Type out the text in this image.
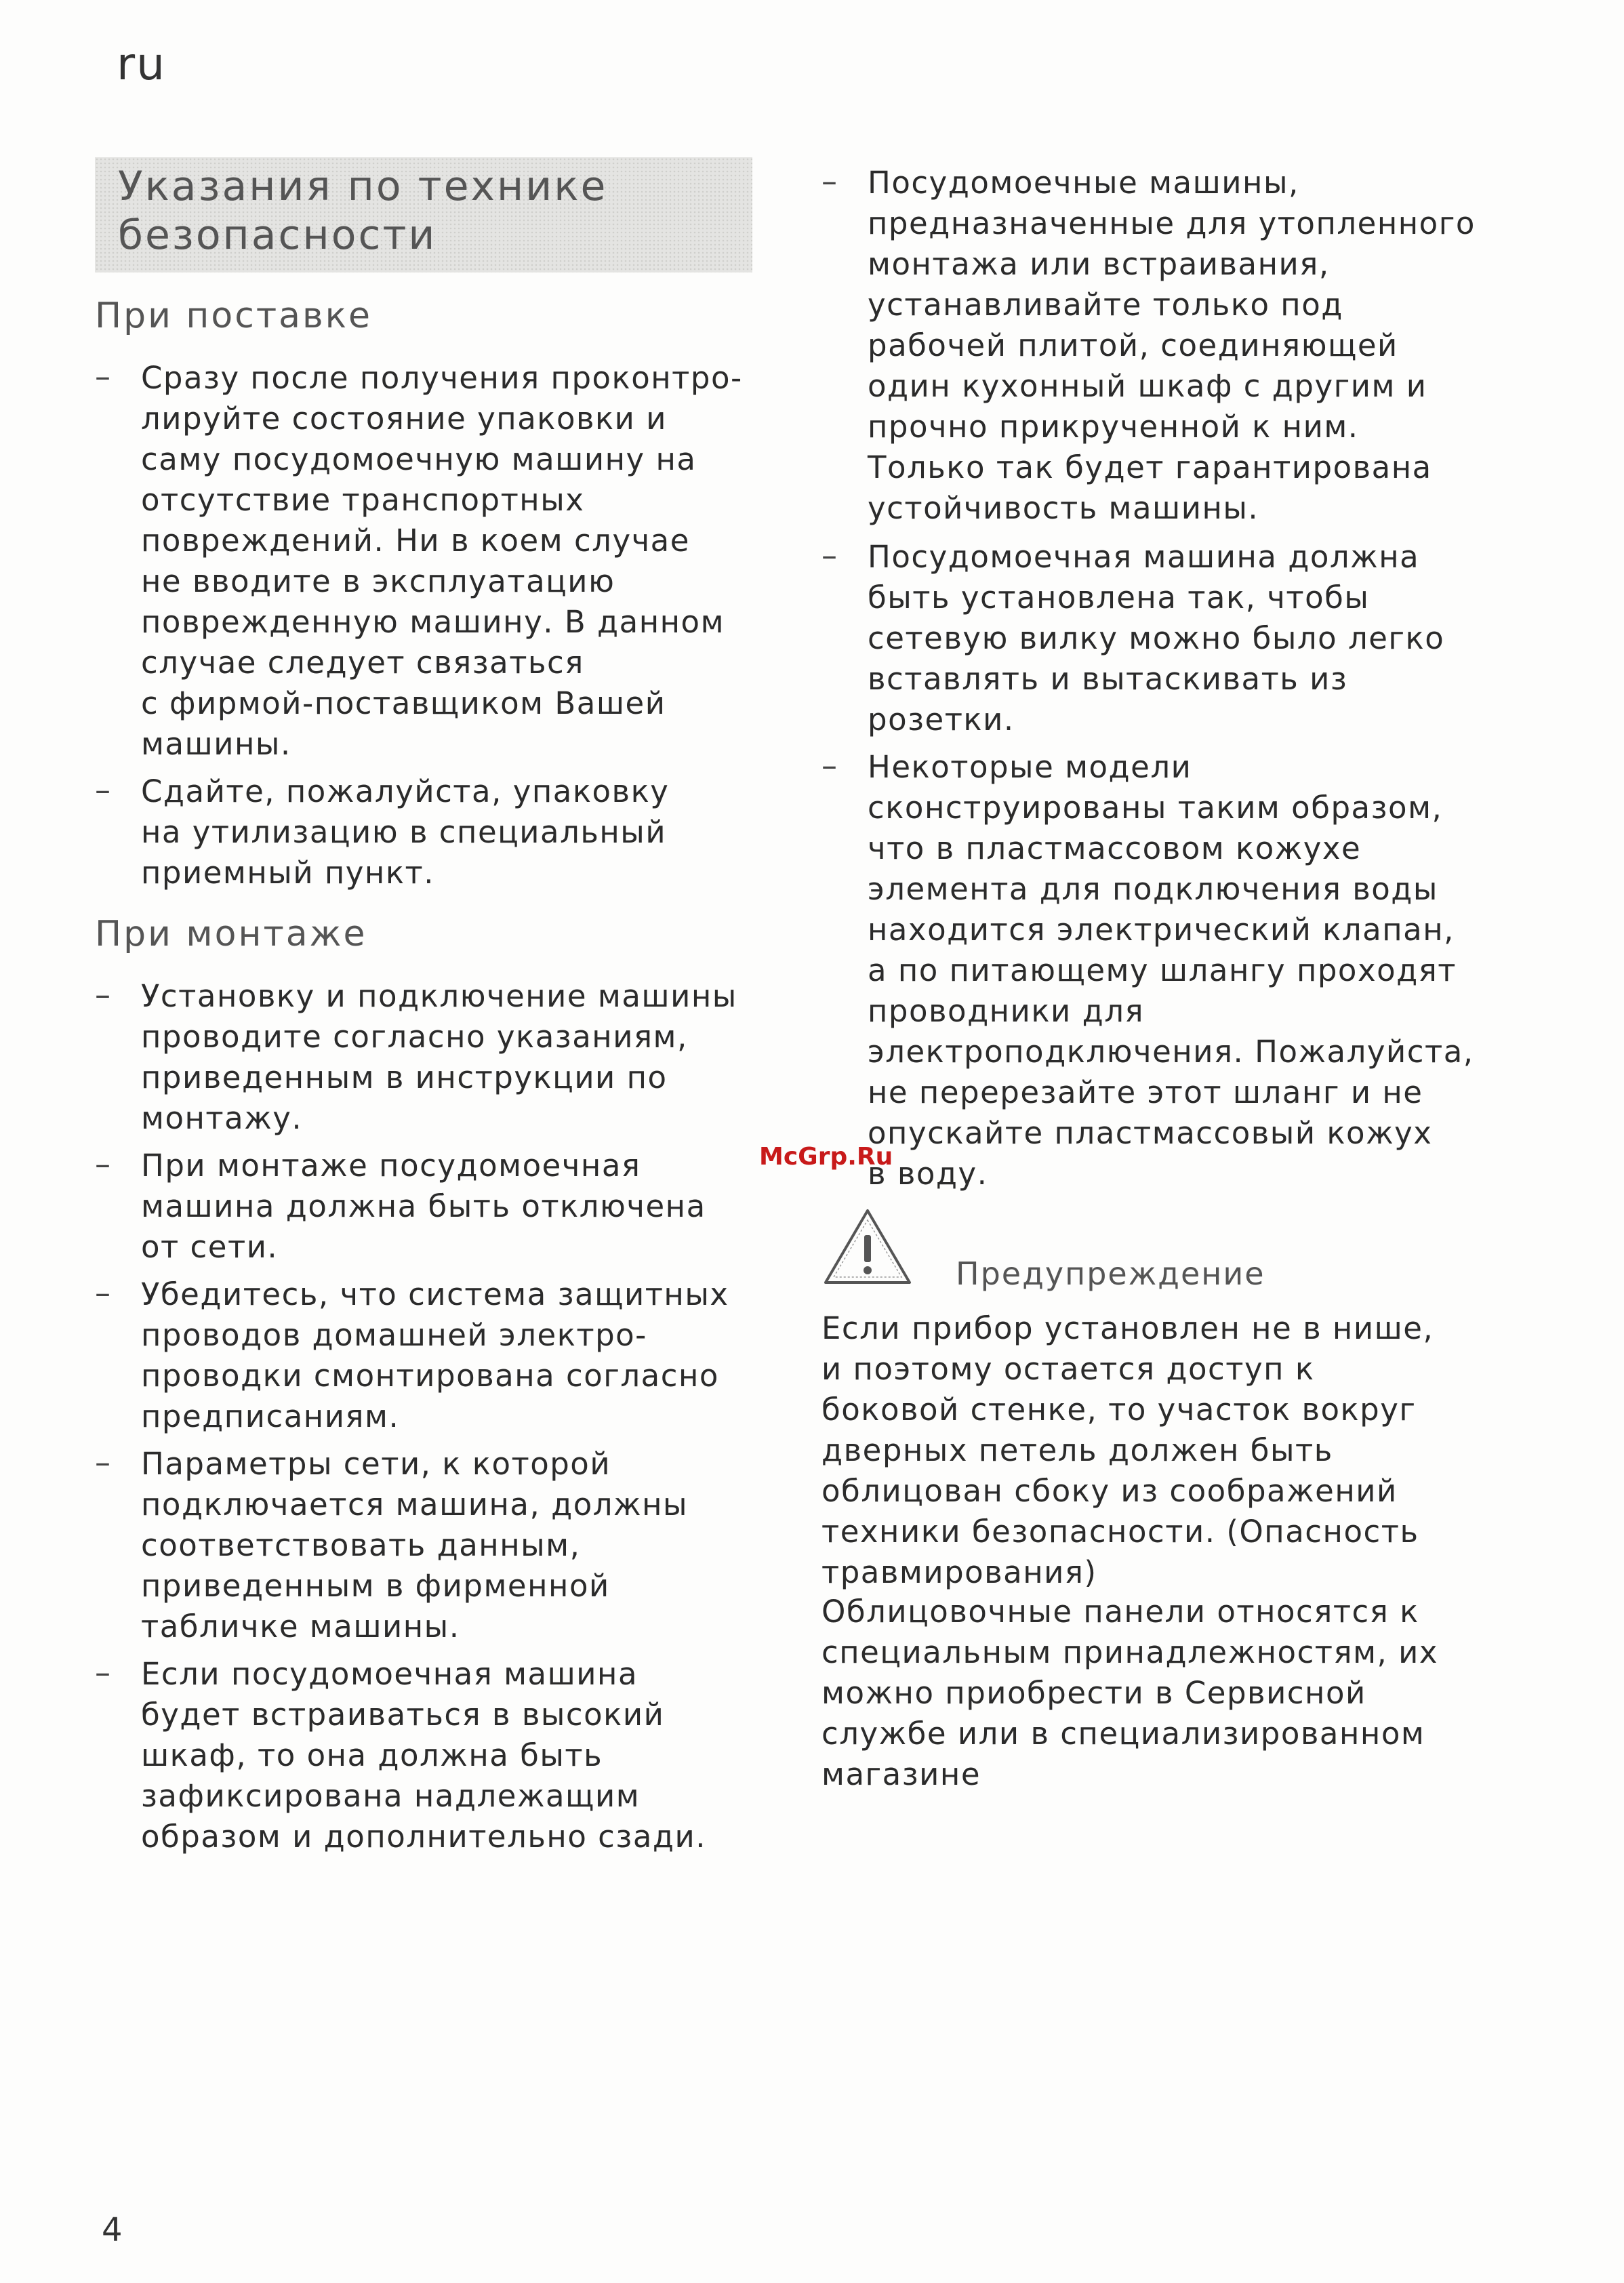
ru
Указания по технике
безопасности
При поставке
– Сразу после получения проконтро-
лируйте состояние упаковки и
саму посудомоечную машину на
отсутствие транспортных
повреждений. Ни в коем случае
не вводите в эксплуатацию
поврежденную машину. В данном
случае следует связаться
с фирмой-поставщиком Вашей
машины.
– Сдайте, пожалуйста, упаковку
на утилизацию в специальный
приемный пункт.
При монтаже
– Установку и подключение машины
проводите согласно указаниям,
приведенным в инструкции по
монтажу.
– При монтаже посудомоечная
машина должна быть отключена
от сети.
– Убедитесь, что система защитных
проводов домашней электро-
проводки смонтирована согласно
предписаниям.
– Параметры сети, к которой
подключается машина, должны
соответствовать данным,
приведенным в фирменной
табличке машины.
– Если посудомоечная машина
будет встраиваться в высокий
шкаф, то она должна быть
зафиксирована надлежащим
образом и дополнительно сзади.
– Посудомоечные машины,
предназначенные для утопленного
монтажа или встраивания,
устанавливайте только под
рабочей плитой, соединяющей
один кухонный шкаф с другим и
прочно прикрученной к ним.
Только так будет гарантирована
устойчивость машины.
– Посудомоечная машина должна
быть установлена так, чтобы
сетевую вилку можно было легко
вставлять и вытаскивать из
розетки.
– Некоторые модели
сконструированы таким образом,
что в пластмассовом кожухе
элемента для подключения воды
находится электрический клапан,
а по питающему шлангу проходят
проводники для
электроподключения. Пожалуйста,
не перерезайте этот шланг и не
опускайте пластмассовый кожух
в воду.
McGrp.Ru
Предупреждение
Если прибор установлен не в нише,
и поэтому остается доступ к
боковой стенке, то участок вокруг
дверных петель должен быть
облицован сбоку из соображений
техники безопасности. (Опасность
травмирования)
Облицовочные панели относятся к
специальным принадлежностям, их
можно приобрести в Сервисной
службе или в специализированном
магазине
4
